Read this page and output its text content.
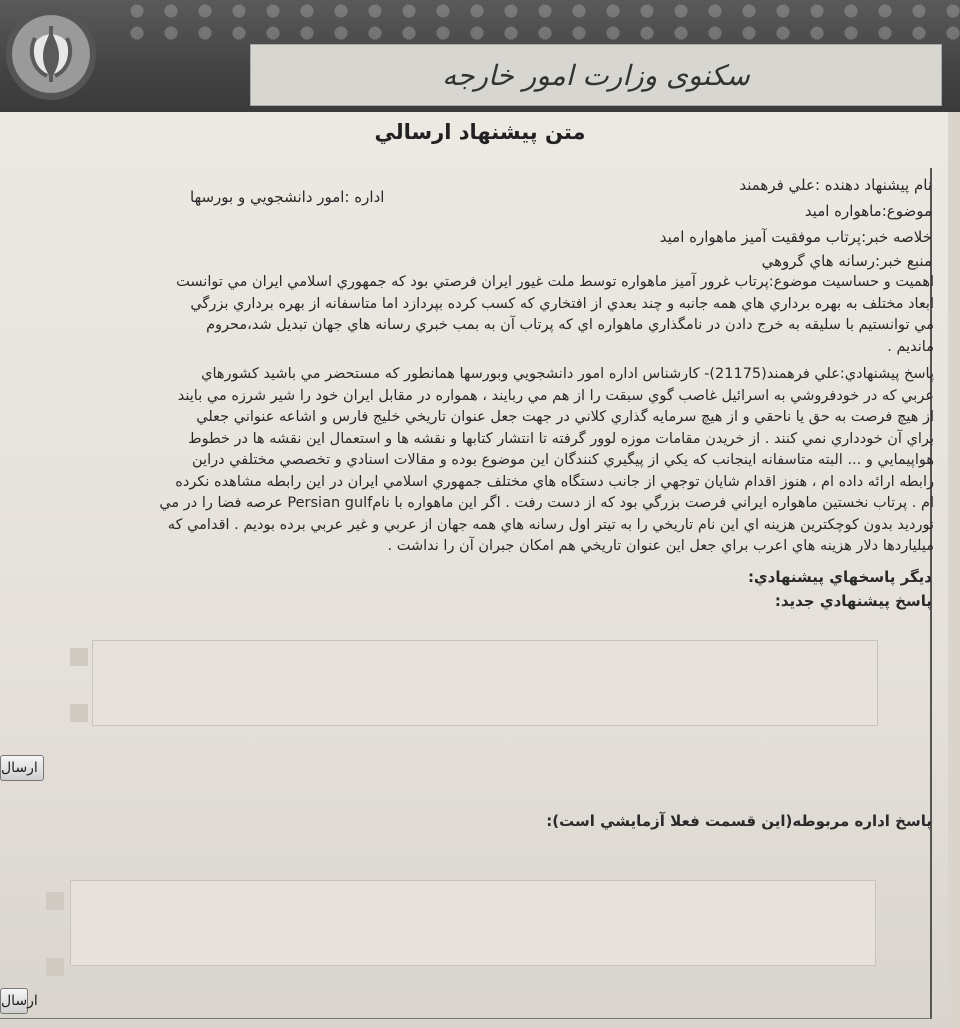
سکنوی وزارت امور خارجه
متن پيشنهاد ارسالي
نام پيشنهاد دهنده :علي فرهمند
اداره :امور دانشجويي و بورسها
موضوع:ماهواره اميد
خلاصه خبر:پرتاب موفقيت آميز ماهواره اميد
منبع خبر:رسانه هاي گروهي
اهميت و حساسيت موضوع:پرتاب غرور آميز ماهواره توسط ملت غيور ايران فرصتي بود كه جمهوري اسلامي ايران مي توانست
ابعاد مختلف به بهره برداري هاي همه جانبه و چند بعدي از افتخاري كه كسب كرده بپردازد اما متاسفانه از بهره برداري بزرگي
مي توانستيم با سليقه به خرج دادن در نامگذاري ماهواره اي كه پرتاب آن به بمب خبري رسانه هاي جهان تبديل شد،محروم
مانديم .
پاسخ پيشنهادي:علي فرهمند(21175)- كارشناس اداره امور دانشجويي وبورسها همانطور كه مستحضر مي باشيد كشورهاي
عربي كه در خودفروشي به اسرائيل غاصب گوي سبقت را از هم مي ربايند ، همواره در مقابل ايران خود را شير شرزه مي بايند
از هيچ فرصت به حق يا ناحقي و از هيچ سرمايه گذاري كلاني در جهت جعل عنوان تاريخي خليج فارس و اشاعه عنواني جعلي
براي آن خودداري نمي كنند . از خريدن مقامات موزه لوور گرفته تا انتشار كتابها و نقشه ها و استعمال اين نقشه ها در خطوط
هواپيمايي و ... البته متاسفانه اينجانب كه يكي از پيگيري كنندگان اين موضوع بوده و مقالات اسنادي و تخصصي مختلفي دراين
رابطه ارائه داده ام ، هنوز اقدام شايان توجهي از جانب دستگاه هاي مختلف جمهوري اسلامي ايران در اين رابطه مشاهده نكرده
ام . پرتاب نخستين ماهواره ايراني فرصت بزرگي بود كه از دست رفت . اگر اين ماهواره با نامPersian gulf عرصه فضا را در مي
نورديد بدون كوچكترين هزينه اي اين نام تاريخي را به تيتر اول رسانه هاي همه جهان از عربي و غير عربي برده بوديم . اقدامي كه
ميلياردها دلار هزينه هاي اعرب براي جعل اين عنوان تاريخي هم امكان جبران آن را نداشت .
ديگر پاسخهاي پيشنهادي:
پاسخ پيشنهادي جديد:
ارسال
پاسخ اداره مربوطه(اين قسمت فعلا آزمايشي است):
ارسال
